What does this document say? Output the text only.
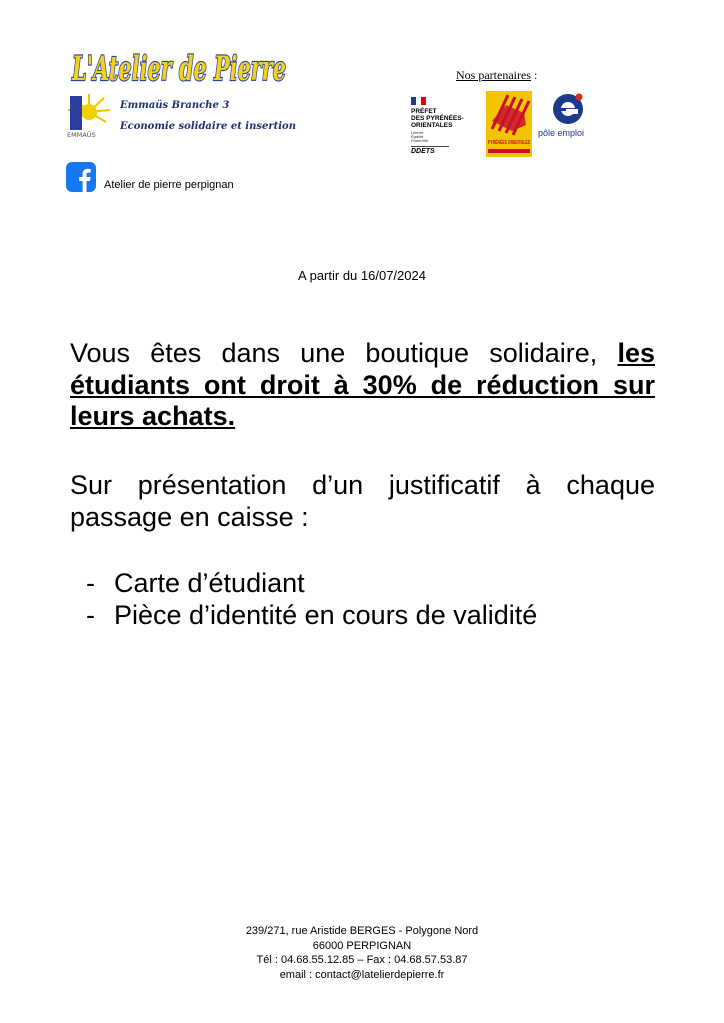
L'Atelier de Pierre
EMMAÜS
Emmaüs Branche 3
Economie solidaire et insertion
Atelier de pierre perpignan
Nos partenaires :
PRÉFET
DES PYRÉNÉES-
ORIENTALES
Liberté
Égalité
Fraternité
DDETS
PYRÉNÉES ORIENTALES
pôle emploi
A partir du 16/07/2024
Vous êtes dans une boutique solidaire, les étudiants ont droit à 30% de réduction sur leurs achats.
Sur présentation d’un justificatif à chaque passage en caisse :
- Carte d’étudiant
- Pièce d’identité en cours de validité
239/271, rue Aristide BERGES - Polygone Nord
66000 PERPIGNAN
Tél : 04.68.55.12.85 – Fax : 04.68.57.53.87
email : contact@latelierdepierre.fr
